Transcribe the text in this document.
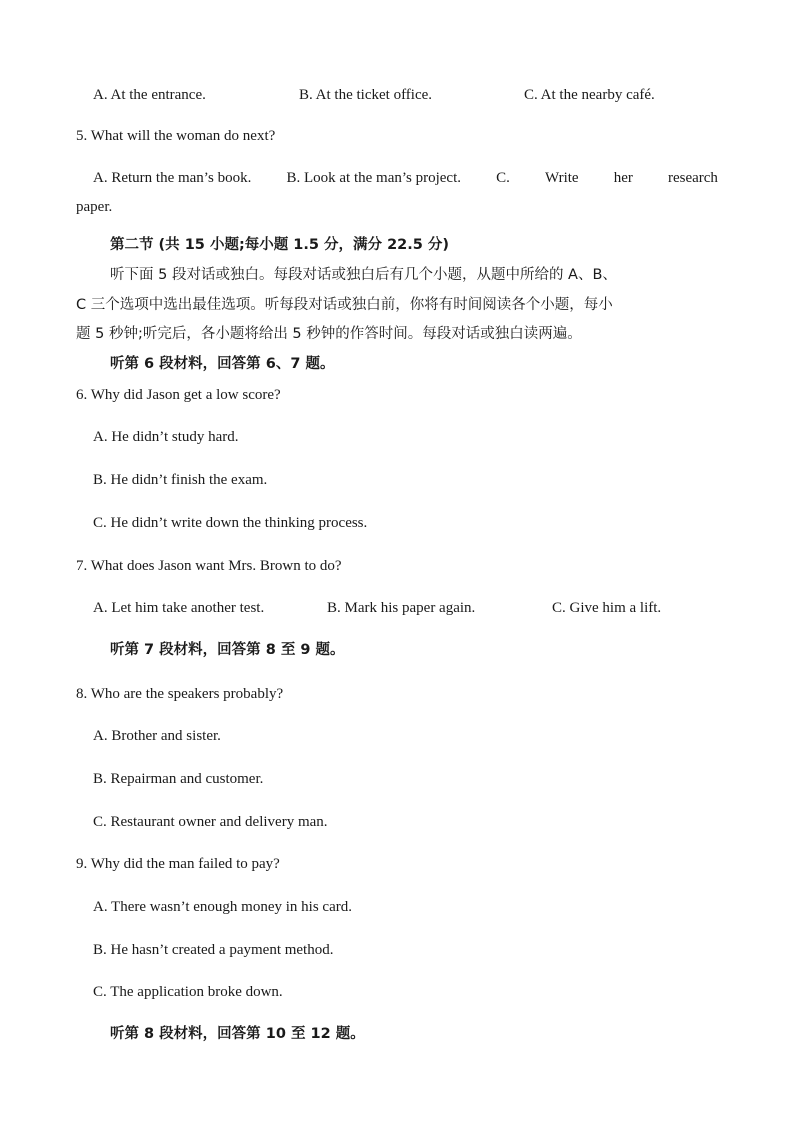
A. At the entrance.	B. At the ticket office.	C. At the nearby café.
5. What will the woman do next?
A. Return the man’s book. B. Look at the man’s project. C. Write her research
paper.
第二节 (共 15 小题;每小题 1.5 分，满分 22.5 分)
听下面 5 段对话或独白。每段对话或独白后有几个小题，从题中所给的 A、B、
C 三个选项中选出最佳选项。听每段对话或独白前，你将有时间阅读各个小题，每小
题 5 秒钟;听完后，各小题将给出 5 秒钟的作答时间。每段对话或独白读两遍。
听第 6 段材料，回答第 6、7 题。
6. Why did Jason get a low score?
A. He didn’t study hard.
B. He didn’t finish the exam.
C. He didn’t write down the thinking process.
7. What does Jason want Mrs. Brown to do?
A. Let him take another test.	B. Mark his paper again.	C. Give him a lift.
听第 7 段材料，回答第 8 至 9 题。
8. Who are the speakers probably?
A. Brother and sister.
B. Repairman and customer.
C. Restaurant owner and delivery man.
9. Why did the man failed to pay?
A. There wasn’t enough money in his card.
B. He hasn’t created a payment method.
C. The application broke down.
听第 8 段材料，回答第 10 至 12 题。
